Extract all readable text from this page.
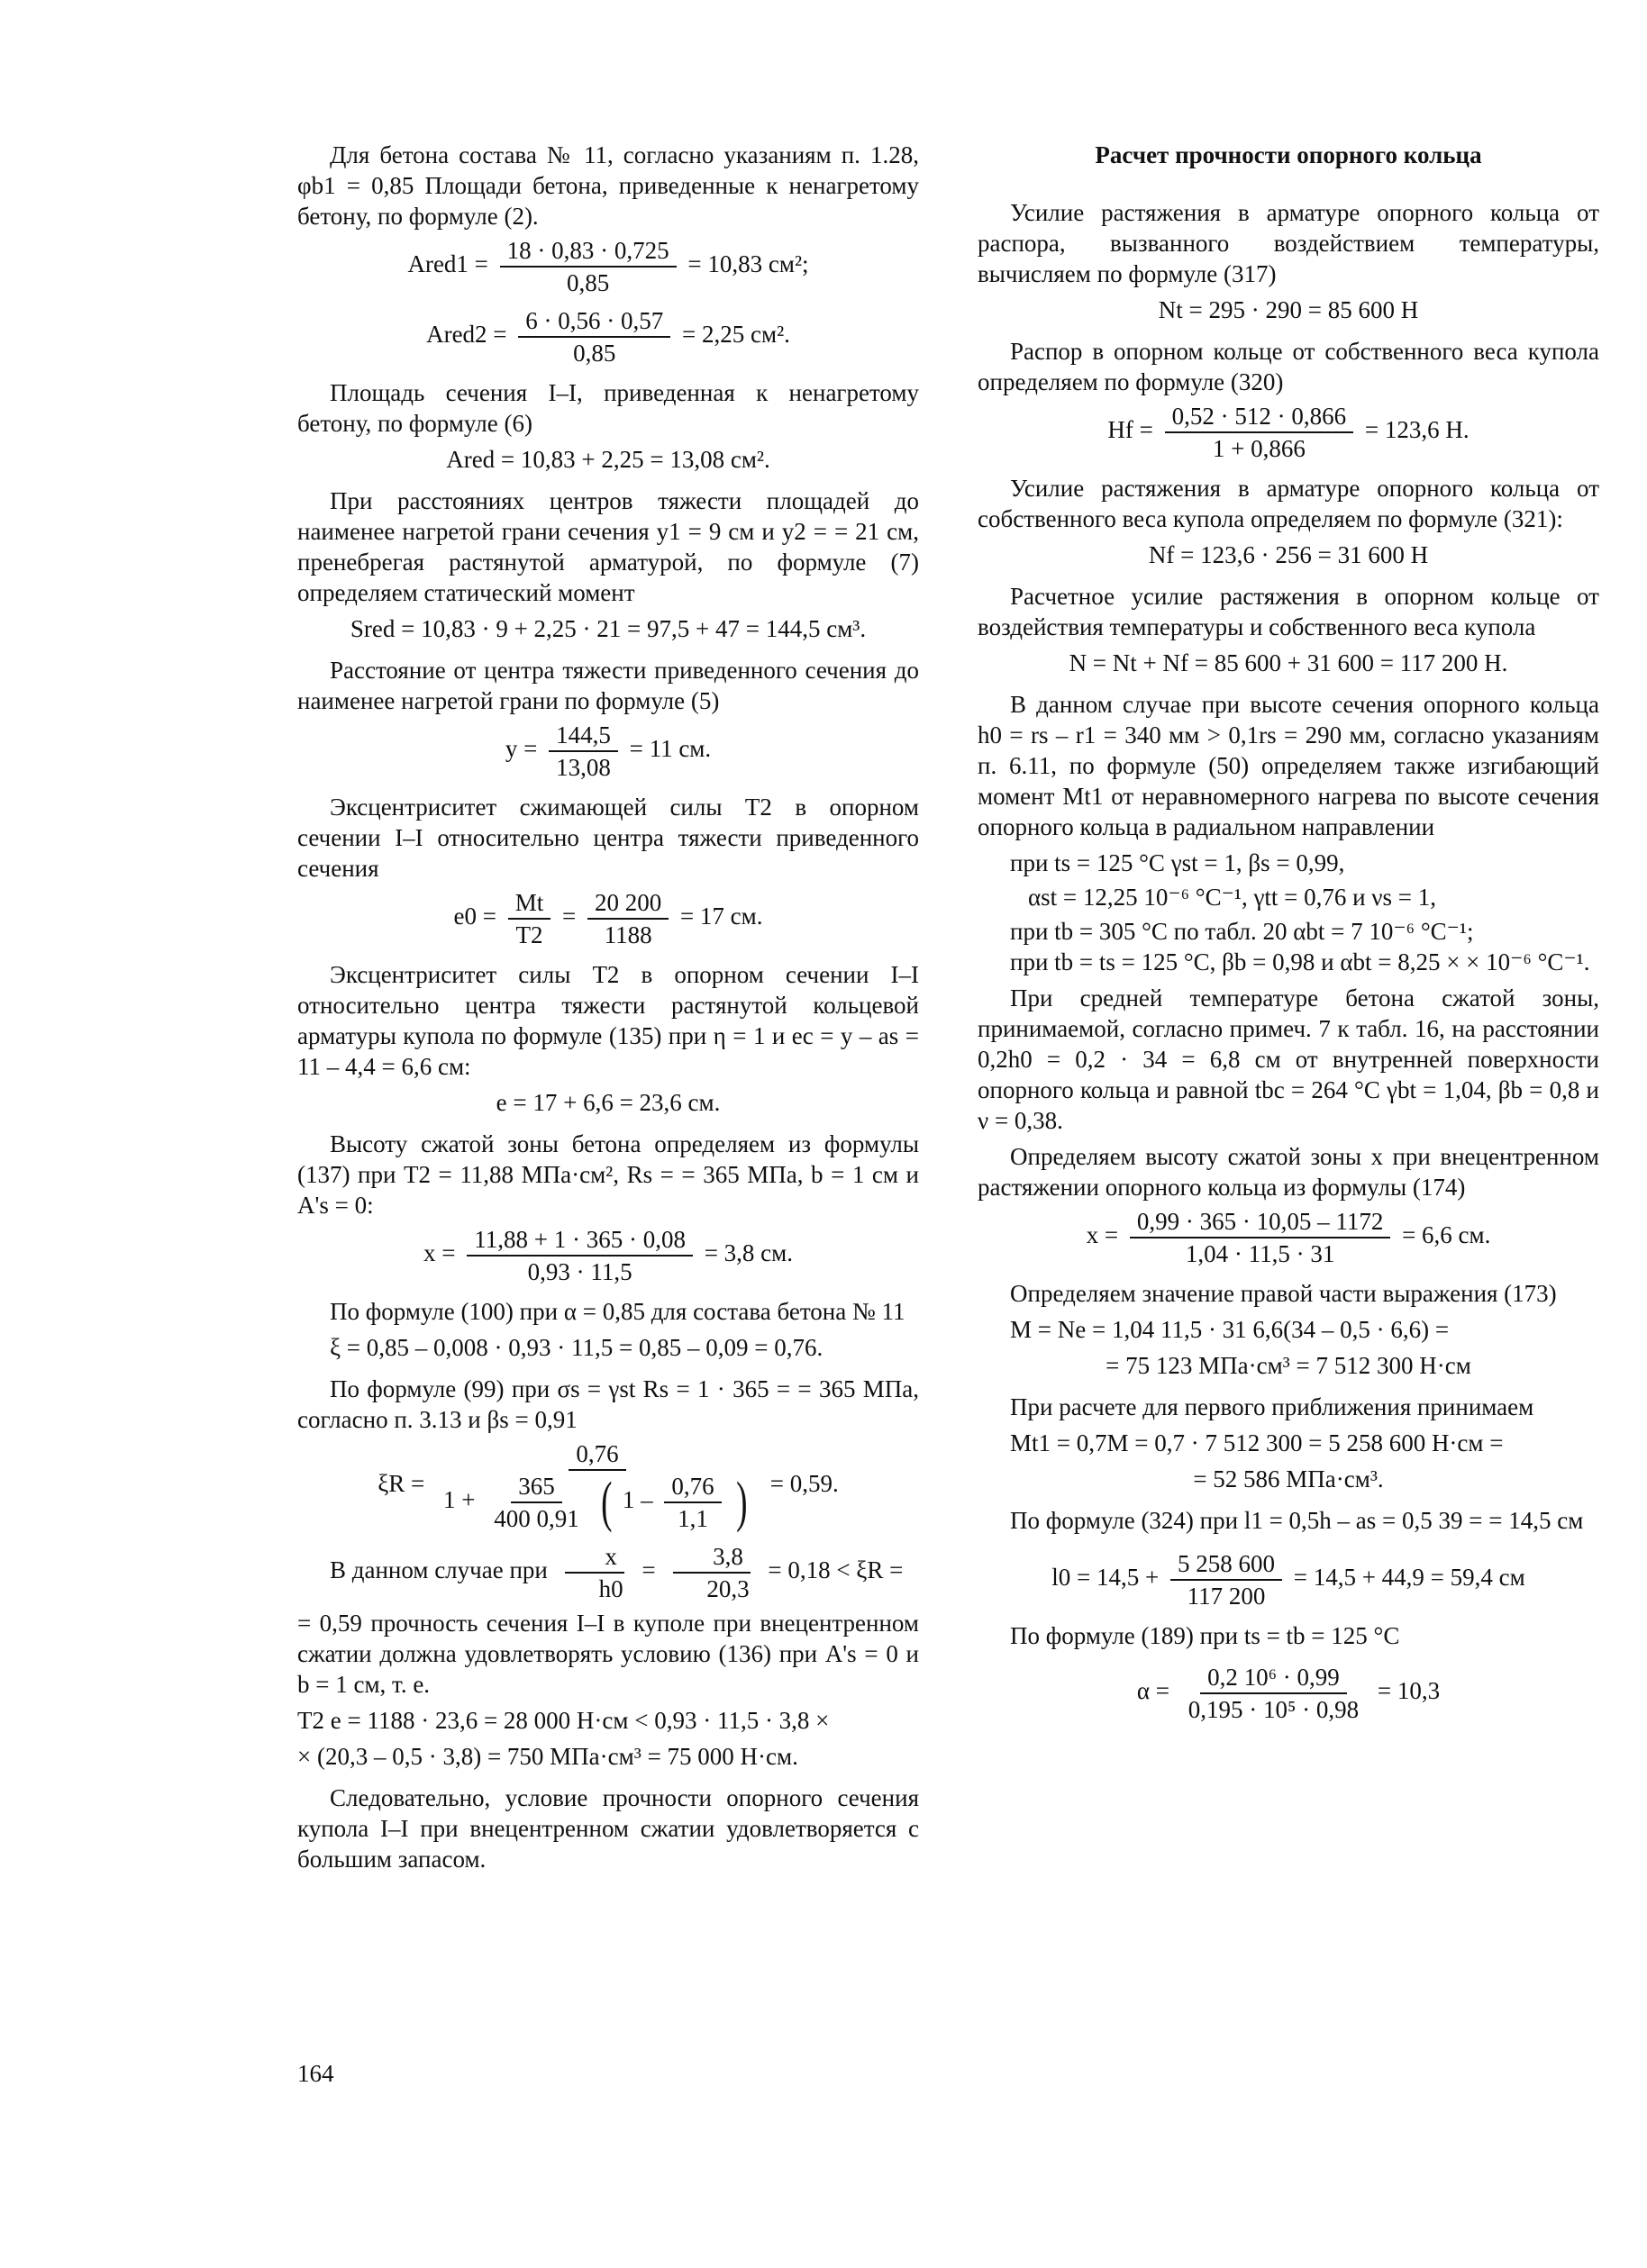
Для бетона состава № 11, согласно указаниям п. 1.28, φb1 = 0,85 Площади бетона, приведенные к ненагретому бетону, по формуле (2).

Ared1 = $\frac{18 \cdot 0,83 \cdot 0,725}{0,85} = 10,83$ см²;
Ared2 = $\frac{6 \cdot 0,56 \cdot 0,57}{0,85} = 2,25$ см².

Площадь сечения I–I, приведенная к ненагретому бетону, по формуле (6)

Ared = 10,83 + 2,25 = 13,08 см².

При расстояниях центров тяжести площадей до наименее нагретой грани сечения y1 = 9 см и y2 = = 21 см, пренебрегая растянутой арматурой, по формуле (7) определяем статический момент

Sred = 10,83 · 9 + 2,25 · 21 = 97,5 + 47 = 144,5 см³.

Расстояние от центра тяжести приведенного сечения до наименее нагретой грани по формуле (5)

$y = \frac{144,5}{13,08} = 11$ см.

Эксцентриситет сжимающей силы T2 в опорном сечении I–I относительно центра тяжести приведенного сечения

$e0 = \frac{Mt}{T2} = \frac{20 200}{1188} = 17$ см.

Эксцентриситет силы T2 в опорном сечении I–I относительно центра тяжести растянутой кольцевой арматуры купола по формуле (135) при η = 1 и ec = y – as = 11 – 4,4 = 6,6 см:

e = 17 + 6,6 = 23,6 см.

Высоту сжатой зоны бетона определяем из формулы (137) при T2 = 11,88 МПа·см², Rs = = 365 МПа, b = 1 см и A's = 0:

$x = \frac{11,88 + 1 \cdot 365 \cdot 0,08}{0,93 \cdot 11,5} = 3,8$ см.

По формуле (100) при α = 0,85 для состава бетона № 11

ξ = 0,85 – 0,008 · 0,93 · 11,5 = 0,85 – 0,09 = 0,76.

По формуле (99) при σs = γst Rs = 1 · 365 = = 365 МПа, согласно п. 3.13 и βs = 0,91

ξR =
0,76
$1 + \frac{365}{400 0,91}$ ( $1 - \frac{0,76}{1,1}$ ) = 0,59.

В данном случае при $\frac{x}{h0} = \frac{3,8}{20,3} = 0,18 < \xi R$ =

= 0,59 прочность сечения I–I в куполе при внецентренном сжатии должна удовлетворять условию (136) при A's = 0 и b = 1 см, т. е.

T2 e = 1188 · 23,6 = 28 000 Н·см < 0,93 · 11,5 · 3,8 ×
× (20,3 – 0,5 · 3,8) = 750 МПа·см³ = 75 000 Н·см.

Следовательно, условие прочности опорного сечения купола I–I при внецентренном сжатии удовлетворяется с большим запасом.

Расчет прочности опорного кольца

Усилие растяжения в арматуре опорного кольца от распора, вызванного воздействием температуры, вычисляем по формуле (317)

Nt = 295 · 290 = 85 600 Н

Распор в опорном кольце от собственного веса купола определяем по формуле (320)

$Hf = \frac{0,52 \cdot 512 \cdot 0,866}{1 + 0,866} = 123,6$ Н.

Усилие растяжения в арматуре опорного кольца от собственного веса купола определяем по формуле (321):

Nf = 123,6 · 256 = 31 600 Н

Расчетное усилие растяжения в опорном кольце от воздействия температуры и собственного веса купола

N = Nt + Nf = 85 600 + 31 600 = 117 200 Н.

В данном случае при высоте сечения опорного кольца h0 = rs – r1 = 340 мм > 0,1rs = 290 мм, согласно указаниям п. 6.11, по формуле (50) определяем также изгибающий момент Mt1 от неравномерного нагрева по высоте сечения опорного кольца в радиальном направлении

при ts = 125 °C γst = 1, βs = 0,99,
αst = 12,25 10⁻⁶ °C⁻¹, γtt = 0,76 и νs = 1,
при tb = 305 °C по табл. 20 αbt = 7 10⁻⁶ °C⁻¹;

при tb = ts = 125 °C, βb = 0,98 и αbt = 8,25 × × 10⁻⁶ °C⁻¹.

При средней температуре бетона сжатой зоны, принимаемой, согласно примеч. 7 к табл. 16, на расстоянии 0,2h0 = 0,2 · 34 = 6,8 см от внутренней поверхности опорного кольца и равной tbc = 264 °C γbt = 1,04, βb = 0,8 и ν = 0,38.

Определяем высоту сжатой зоны x при внецентренном растяжении опорного кольца из формулы (174)

$x = \frac{0,99 \cdot 365 \cdot 10,05 - 1172}{1,04 \cdot 11,5 \cdot 31} = 6,6$ см.

Определяем значение правой части выражения (173)

M = Ne = 1,04 11,5 · 31 6,6(34 – 0,5 · 6,6) =
= 75 123 МПа·см³ = 7 512 300 Н·см

При расчете для первого приближения принимаем

Mt1 = 0,7M = 0,7 · 7 512 300 = 5 258 600 Н·см =
= 52 586 МПа·см³.

По формуле (324) при l1 = 0,5h – as = 0,5 39 = = 14,5 см

$l0 = 14,5 + \frac{5 258 600}{117 200} = 14,5 + 44,9 = 59,4$ см

По формуле (189) при ts = tb = 125 °C

$\alpha = \frac{\text{0,2 10⁶ · 0,99}}{\text{0,195 · 10⁵ · 0,98}} = 10,3$
164
